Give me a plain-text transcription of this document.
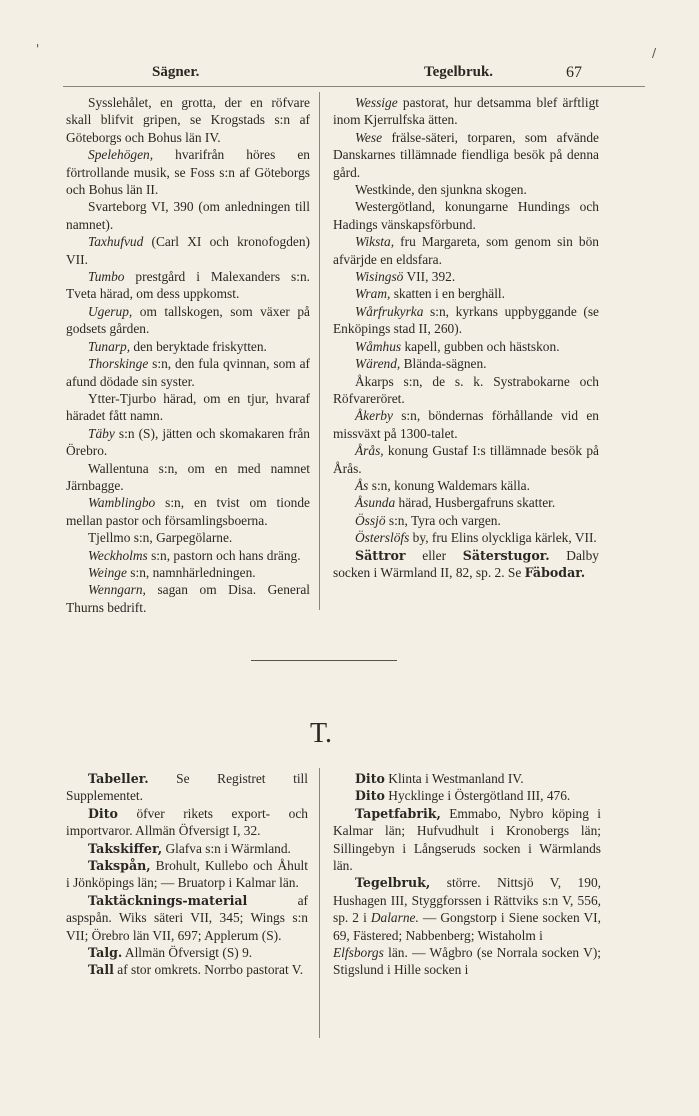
'	/
Sägner.	Tegelbruk.	67

Sysslehålet, en grotta, der en röfvare skall blifvit gripen, se Krogstads s:n af Göteborgs och Bohus län IV.

Spelehögen, hvarifrån höres en förtrollande musik, se Foss s:n af Göteborgs och Bohus län II.

Svarteborg VI, 390 (om anledningen till namnet).

Taxhufvud (Carl XI och kronofogden) VII.

Tumbo prestgård i Malexanders s:n. Tveta härad, om dess uppkomst.

Ugerup, om tallskogen, som växer på godsets gården.

Tunarp, den beryktade friskytten.

Thorskinge s:n, den fula qvinnan, som af afund dödade sin syster.

Ytter-Tjurbo härad, om en tjur, hvaraf häradet fått namn.

Täby s:n (S), jätten och skomakaren från Örebro.

Wallentuna s:n, om en med namnet Järnbagge.

Wamblingbo s:n, en tvist om tionde mellan pastor och församlingsboerna.

Tjellmo s:n, Garpegölarne.

Weckholms s:n, pastorn och hans dräng.

Weinge s:n, namnhärledningen.

Wenngarn, sagan om Disa. General Thurns bedrift.

Wessige pastorat, hur detsamma blef ärftligt inom Kjerrulfska ätten.

Wese frälse-säteri, torparen, som afvände Danskarnes tillämnade fiendliga besök på denna gård.

Westkinde, den sjunkna skogen.

Westergötland, konungarne Hundings och Hadings vänskapsförbund.

Wiksta, fru Margareta, som genom sin bön afvärjde en eldsfara.

Wisingsö VII, 392.

Wram, skatten i en berghäll.

Wårfrukyrka s:n, kyrkans uppbyggande (se Enköpings stad II, 260).

Wåmhus kapell, gubben och hästskon.

Wärend, Blända-sägnen.

Åkarps s:n, de s. k. Systrabokarne och Röfvareröret.

Åkerby s:n, böndernas förhållande vid en missväxt på 1300-talet.

Årås, konung Gustaf I:s tillämnade besök på Årås.

Ås s:n, konung Waldemars källa.

Åsunda härad, Husbergafruns skatter.

Össjö s:n, Tyra och vargen.

Österslöfs by, fru Elins olyckliga kärlek, VII.

Sättror eller Säterstugor. Dalby socken i Wärmland II, 82, sp. 2. Se Fäbodar.

T.

Tabeller. Se Registret till Supplementet.

Dito öfver rikets export- och importvaror. Allmän Öfversigt I, 32.

Takskiffer, Glafva s:n i Wärmland.

Takspån, Brohult, Kullebo och Åhult i Jönköpings län; — Bruatorp i Kalmar län.

Taktäcknings-material af aspspån. Wiks säteri VII, 345; Wings s:n VII; Örebro län VII, 697; Applerum (S).

Talg. Allmän Öfversigt (S) 9.

Tall af stor omkrets. Norrbo pastorat V.

Dito Klinta i Westmanland IV.

Dito Hycklinge i Östergötland III, 476.

Tapetfabrik, Emmabo, Nybro köping i Kalmar län; Hufvudhult i Kronobergs län; Sillingebyn i Långseruds socken i Wärmlands län.

Tegelbruk, större. Nittsjö V, 190, Hushagen III, Styggforssen i Rättviks s:n V, 556, sp. 2 i Dalarne. — Gongstorp i Siene socken VI, 69, Fästered; Nabbenberg; Wistaholm i

Elfsborgs län. — Wågbro (se Norrala socken V); Stigslund i Hille socken i
